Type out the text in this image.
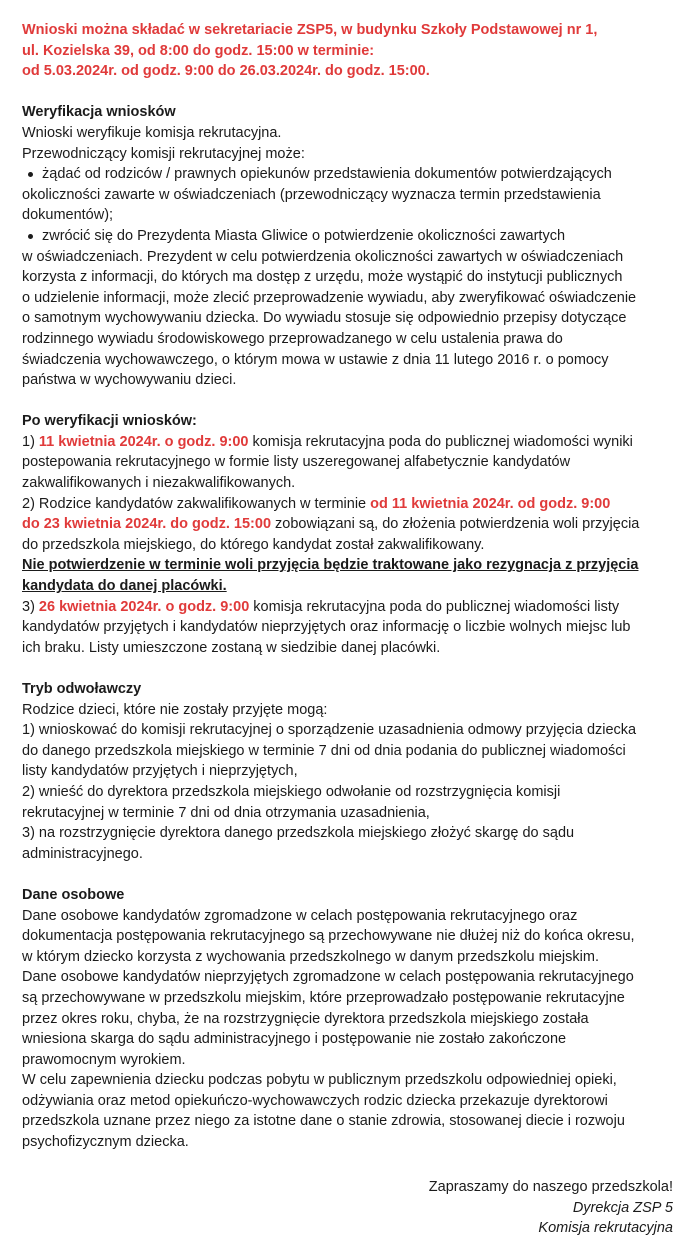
Wnioski można składać w sekretariacie ZSP5, w budynku Szkoły Podstawowej nr 1,

ul. Kozielska 39, od 8:00 do godz. 15:00 w terminie:

od 5.03.2024r. od godz. 9:00 do 26.03.2024r. do godz. 15:00.

Weryfikacja wniosków

Wnioski weryfikuje komisja rekrutacyjna.

Przewodniczący komisji rekrutacyjnej może:

żądać od rodziców / prawnych opiekunów przedstawienia dokumentów potwierdzających

okoliczności zawarte w oświadczeniach (przewodniczący wyznacza termin przedstawienia

dokumentów);

zwrócić się do Prezydenta Miasta Gliwice o potwierdzenie okoliczności zawartych

w oświadczeniach. Prezydent w celu potwierdzenia okoliczności zawartych w oświadczeniach

korzysta z informacji, do których ma dostęp z urzędu, może wystąpić do instytucji publicznych

o udzielenie informacji, może zlecić przeprowadzenie wywiadu, aby zweryfikować oświadczenie

o samotnym wychowywaniu dziecka. Do wywiadu stosuje się odpowiednio przepisy dotyczące

rodzinnego wywiadu środowiskowego przeprowadzanego w celu ustalenia prawa do

świadczenia wychowawczego, o którym mowa w ustawie z dnia 11 lutego 2016 r. o pomocy

państwa w wychowywaniu dzieci.

Po weryfikacji wniosków:

1) 11 kwietnia 2024r. o godz. 9:00 komisja rekrutacyjna poda do publicznej wiadomości wyniki

postepowania rekrutacyjnego w formie listy uszeregowanej alfabetycznie kandydatów

zakwalifikowanych i niezakwalifikowanych.

2) Rodzice kandydatów zakwalifikowanych w terminie od 11 kwietnia 2024r. od godz. 9:00

do 23 kwietnia 2024r. do godz. 15:00 zobowiązani są, do złożenia potwierdzenia woli przyjęcia

do przedszkola miejskiego, do którego kandydat został zakwalifikowany.

Nie potwierdzenie w terminie woli przyjęcia będzie traktowane jako rezygnacja z przyjęcia

kandydata do danej placówki.

3) 26 kwietnia 2024r. o godz. 9:00 komisja rekrutacyjna poda do publicznej wiadomości listy

kandydatów przyjętych i kandydatów nieprzyjętych oraz informację o liczbie wolnych miejsc lub

ich braku. Listy umieszczone zostaną w siedzibie danej placówki.

Tryb odwoławczy

Rodzice dzieci, które nie zostały przyjęte mogą:

1) wnioskować do komisji rekrutacyjnej o sporządzenie uzasadnienia odmowy przyjęcia dziecka

do danego przedszkola miejskiego w terminie 7 dni od dnia podania do publicznej wiadomości

listy kandydatów przyjętych i nieprzyjętych,

2) wnieść do dyrektora przedszkola miejskiego odwołanie od rozstrzygnięcia komisji

rekrutacyjnej w terminie 7 dni od dnia otrzymania uzasadnienia,

3) na rozstrzygnięcie dyrektora danego przedszkola miejskiego złożyć skargę do sądu

administracyjnego.

Dane osobowe

Dane osobowe kandydatów zgromadzone w celach postępowania rekrutacyjnego oraz

dokumentacja postępowania rekrutacyjnego są przechowywane nie dłużej niż do końca okresu,

w którym dziecko korzysta z wychowania przedszkolnego w danym przedszkolu miejskim.

Dane osobowe kandydatów nieprzyjętych zgromadzone w celach postępowania rekrutacyjnego

są przechowywane w przedszkolu miejskim, które przeprowadzało postępowanie rekrutacyjne

przez okres roku, chyba, że na rozstrzygnięcie dyrektora przedszkola miejskiego została

wniesiona skarga do sądu administracyjnego i postępowanie nie zostało zakończone

prawomocnym wyrokiem.

W celu zapewnienia dziecku podczas pobytu w publicznym przedszkolu odpowiedniej opieki,

odżywiania oraz metod opiekuńczo-wychowawczych rodzic dziecka przekazuje dyrektorowi

przedszkola uznane przez niego za istotne dane o stanie zdrowia, stosowanej diecie i rozwoju

psychofizycznym dziecka.

Zapraszamy do naszego przedszkola!

Dyrekcja ZSP 5

Komisja rekrutacyjna
